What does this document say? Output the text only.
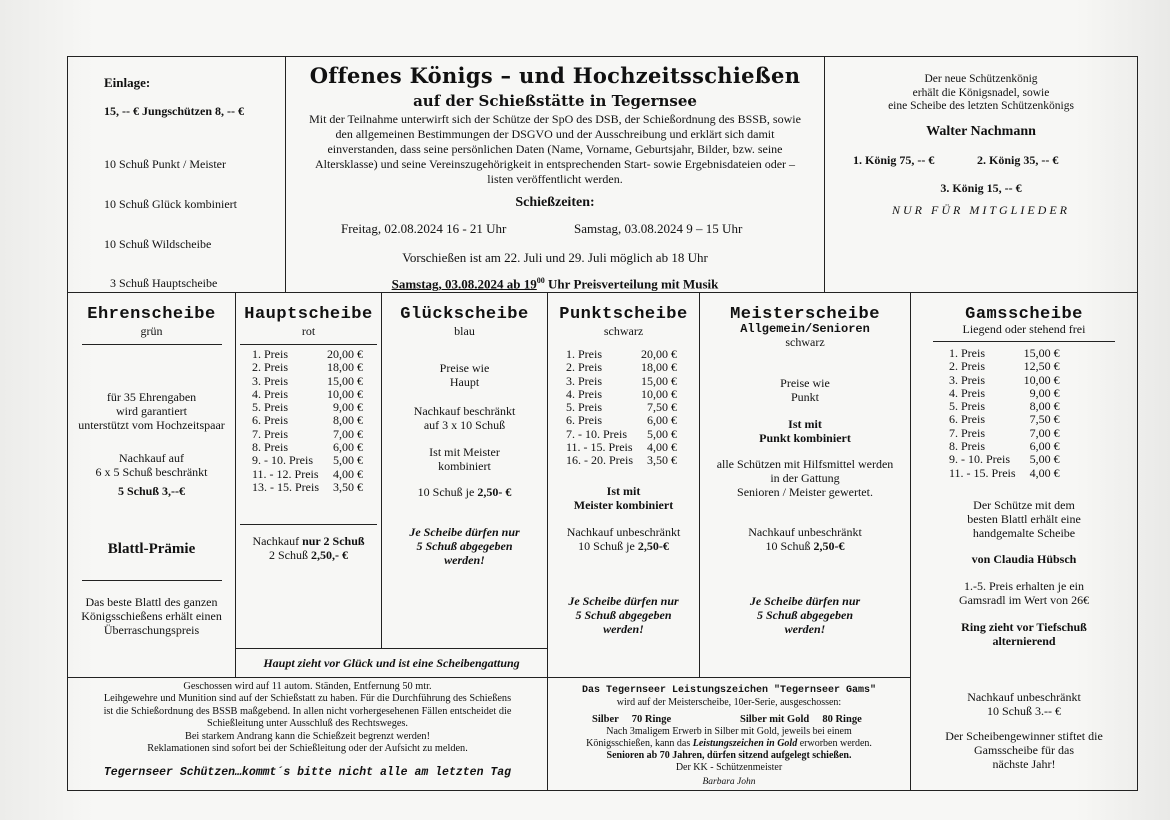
Einlage:
15, -- € Jungschützen 8, -- €

10 Schuß Punkt / Meister

10 Schuß Glück kombiniert

10 Schuß Wildscheibe

3 Schuß Hauptscheibe

Offenes Königs – und Hochzeitsschießen
auf der Schießstätte in Tegernsee
Mit der Teilnahme unterwirft sich der Schütze der SpO des DSB, der Schießordnung des BSSB, sowie den allgemeinen Bestimmungen der DSGVO und der Ausschreibung und erklärt sich damit einverstanden, dass seine persönlichen Daten (Name, Vorname, Geburtsjahr, Bilder, bzw. seine Altersklasse) und seine Vereinszugehörigkeit in entsprechenden Start- sowie Ergebnisdateien oder –listen veröffentlicht werden.
Schießzeiten:
Freitag, 02.08.2024 16 - 21 Uhr	Samstag, 03.08.2024 9 – 15 Uhr
Vorschießen ist am 22. Juli und 29. Juli möglich ab 18 Uhr
Samstag, 03.08.2024 ab $19^{00}$ Uhr Preisverteilung mit Musik
Der neue Schützenkönig
erhält die Königsnadel, sowie
eine Scheibe des letzten Schützenkönigs
Walter Nachmann
1. König 75, -- €	2. König 35, -- €
3. König 15, -- €
NUR FÜR MITGLIEDER
Ehrenscheibe
grün
für 35 Ehrengaben
wird garantiert
unterstützt vom Hochzeitspaar
Nachkauf auf
6 x 5 Schuß beschränkt
5 Schuß 3,--€
Blattl-Prämie
Das beste Blattl des ganzen
Königsschießens erhält einen
Überraschungspreis
Hauptscheibe
rot
1. Preis	20,00 €
2. Preis	18,00 €
3. Preis	15,00 €
4. Preis	10,00 €
5. Preis	9,00 €
6. Preis	8,00 €
7. Preis	7,00 €
8. Preis	6,00 €
9. - 10. Preis	5,00 €
11. - 12. Preis	4,00 €
13. - 15. Preis	3,50 €
Nachkauf nur 2 Schuß
2 Schuß 2,50,- €
Glückscheibe
blau
Preise wie
Haupt
Nachkauf beschränkt
auf 3 x 10 Schuß
Ist mit Meister
kombiniert
10 Schuß je 2,50- €
Je Scheibe dürfen nur
5 Schuß abgegeben
werden!
Haupt zieht vor Glück und ist eine Scheibengattung
Punktscheibe
schwarz
1. Preis	20,00 €
2. Preis	18,00 €
3. Preis	15,00 €
4. Preis	10,00 €
5. Preis	7,50 €
6. Preis	6,00 €
7. - 10. Preis	5,00 €
11. - 15. Preis	4,00 €
16. - 20. Preis	3,50 €
Ist mit
Meister kombiniert
Nachkauf unbeschränkt
10 Schuß je 2,50-€
Je Scheibe dürfen nur
5 Schuß abgegeben
werden!
Meisterscheibe
Allgemein/Senioren
schwarz
Preise wie
Punkt
Ist mit
Punkt kombiniert
alle Schützen mit Hilfsmittel werden
in der Gattung
Senioren / Meister gewertet.
Nachkauf unbeschränkt
10 Schuß 2,50-€
Je Scheibe dürfen nur
5 Schuß abgegeben
werden!
Gamsscheibe
Liegend oder stehend frei
1. Preis	15,00 €
2. Preis	12,50 €
3. Preis	10,00 €
4. Preis	9,00 €
5. Preis	8,00 €
6. Preis	7,50 €
7. Preis	7,00 €
8. Preis	6,00 €
9. - 10. Preis	5,00 €
11. - 15. Preis	4,00 €
Der Schütze mit dem
besten Blattl erhält eine
handgemalte Scheibe
von Claudia Hübsch
1.-5. Preis erhalten je ein
Gamsradl im Wert von 26€
Ring zieht vor Tiefschuß
alternierend
Nachkauf unbeschränkt
10 Schuß 3.-- €
Der Scheibengewinner stiftet die
Gamsscheibe für das
nächste Jahr!
Geschossen wird auf 11 autom. Ständen, Entfernung 50 mtr.
Leihgewehre und Munition sind auf der Schießstatt zu haben. Für die Durchführung des Schießens
ist die Schießordnung des BSSB maßgebend. In allen nicht vorhergesehenen Fällen entscheidet die
Schießleitung unter Ausschluß des Rechtsweges.
Bei starkem Andrang kann die Schießzeit begrenzt werden!
Reklamationen sind sofort bei der Schießleitung oder der Aufsicht zu melden.
Tegernseer Schützen…kommt´s bitte nicht alle am letzten Tag
Das Tegernseer Leistungszeichen "Tegernseer Gams"
wird auf der Meisterscheibe, 10er-Serie, ausgeschossen:
Silber     70 Ringe	Silber mit Gold     80 Ringe
Nach 3maligem Erwerb in Silber mit Gold, jeweils bei einem
Königsschießen, kann das Leistungszeichen in Gold erworben werden.
Senioren ab 70 Jahren, dürfen sitzend aufgelegt schießen.
Der KK - Schützenmeister
Barbara John
